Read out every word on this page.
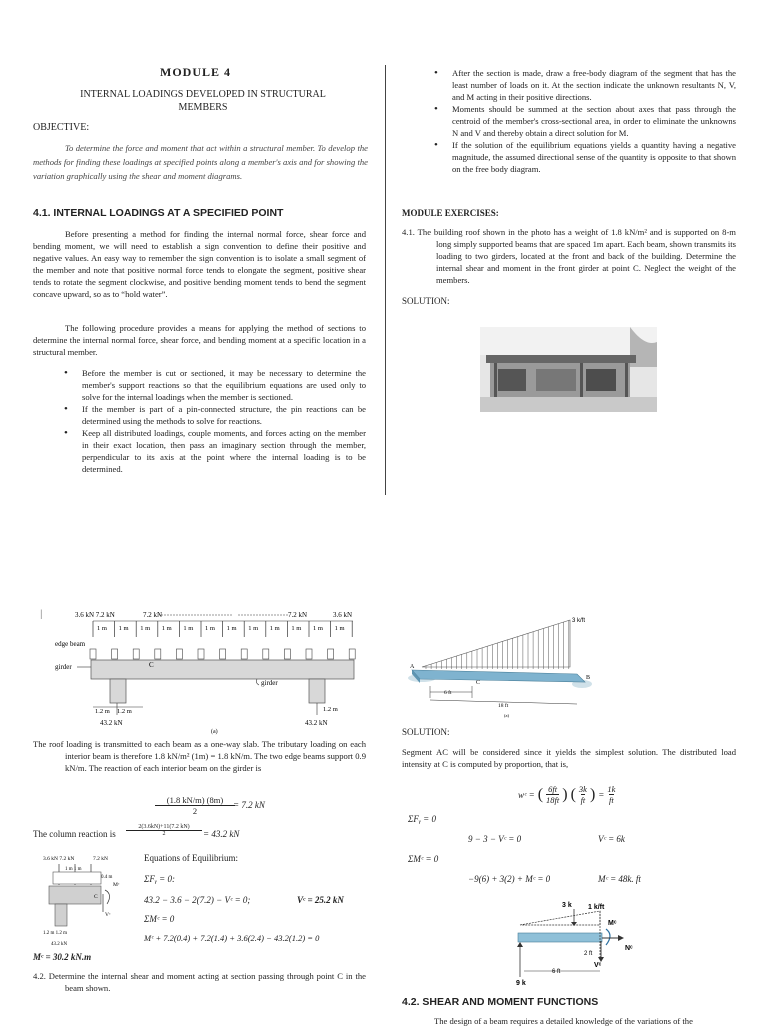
MODULE 4
INTERNAL LOADINGS DEVELOPED IN STRUCTURAL MEMBERS
OBJECTIVE:
To determine the force and moment that act within a structural member. To develop the methods for finding these loadings at specified points along a member's axis and for showing the variation graphically using the shear and moment diagrams.
4.1. INTERNAL LOADINGS AT A SPECIFIED POINT
Before presenting a method for finding the internal normal force, shear force and bending moment, we will need to establish a sign convention to define their positive and negative values. An easy way to remember the sign convention is to isolate a small segment of the member and note that positive normal force tends to elongate the segment, positive shear tends to rotate the segment clockwise, and positive bending moment tends to bend the segment concave upward, so as to “hold water”.
The following procedure provides a means for applying the method of sections to determine the internal normal force, shear force, and bending moment at a specific location in a structural member.
• Before the member is cut or sectioned, it may be necessary to determine the member's support reactions so that the equilibrium equations are used only to solve for the internal loadings when the member is sectioned.
• If the member is part of a pin-connected structure, the pin reactions can be determined using the methods to solve for reactions.
• Keep all distributed loadings, couple moments, and forces acting on the member in their exact location, then pass an imaginary section through the member, perpendicular to its axis at the point where the internal loading is to be determined.
• After the section is made, draw a free-body diagram of the segment that has the least number of loads on it. At the section indicate the unknown resultants N, V, and M acting in their positive directions.
• Moments should be summed at the section about axes that pass through the centroid of the member's cross-sectional area, in order to eliminate the unknowns N and V and thereby obtain a direct solution for M.
• If the solution of the equilibrium equations yields a quantity having a negative magnitude, the assumed directional sense of the quantity is opposite to that shown on the free body diagram.
MODULE EXERCISES:
4.1. The building roof shown in the photo has a weight of 1.8 kN/m² and is supported on 8-m long simply supported beams that are spaced 1m apart. Each beam, shown transmits its loading to two girders, located at the front and back of the building. Determine the internal shear and moment in the front girder at point C. Neglect the weight of the members.
SOLUTION:
|	3.6 kN 7.2 kN	7.2 kN	7.2 kN	3.6 kN
1 m 1 m 1 m 1 m 1 m 1 m 1 m 1 m 1 m 1 m 1 m 1 m
edge beam
girder	C
girder
1.2 m 1.2 m	1.2 m
43.2 kN	43.2 kN
(a)
The roof loading is transmitted to each beam as a one-way slab. The tributary loading on each interior beam is therefore 1.8 kN/m² (1m) = 1.8 kN/m. The two edge beams support 0.9 kN/m. The reaction of each interior beam on the girder is
$\frac{(1.8 kN/m) (8m)}{2}$
= 7.2 kN
The column reaction is $\frac{2(3.6kN)+11(7.2 kN)}{2} = 43.2$ kN
3.6 kN 7.2 kN	7.2 kN
1 m 1 m
0.4 m
C
Mᶜ
Vᶜ
1.2 m 1.2 m
43.2 kN
Equations of Equilibrium:
ΣFᵧ = 0:
43.2 − 3.6 − 2(7.2) − Vᶜ = 0;	Vᶜ = 25.2 kN
ΣMᶜ = 0
Mᶜ + 7.2(0.4) + 7.2(1.4) + 3.6(2.4) − 43.2(1.2) = 0
Mᶜ = 30.2 kN.m
4.2. Determine the internal shear and moment acting at section passing through point C in the beam shown.
3 k/ft
A
B
C
6 ft
18 ft
(a)
SOLUTION:
Segment AC will be considered since it yields the simplest solution. The distributed load intensity at C is computed by proportion, that is,
wᶜ = ( $\frac{6ft}{18ft}$ ) ( $\frac{3k}{ft}$ ) = $\frac{1k}{ft}$
ΣFᵧ = 0
9 − 3 − Vᶜ = 0	Vᶜ = 6k
ΣMᶜ = 0
−9(6) + 3(2) + Mᶜ = 0	Mᶜ = 48k. ft
3 k 1 k/ft
Mᶜ
Nᶜ
Vᶜ
2 ft
6 ft
9 k
4.2. SHEAR AND MOMENT FUNCTIONS
The design of a beam requires a detailed knowledge of the variations of the
